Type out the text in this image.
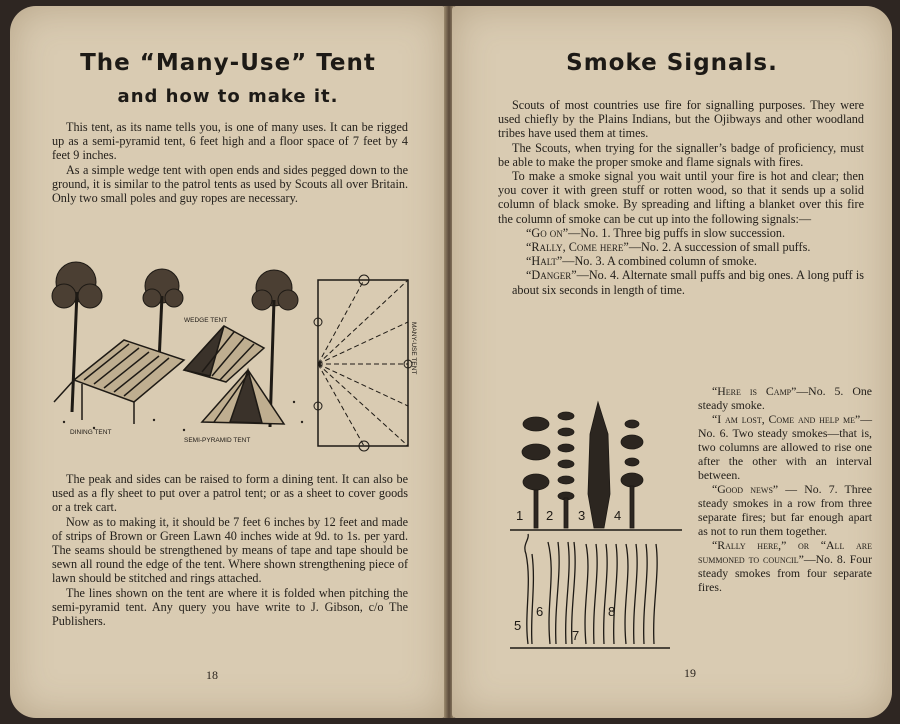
The “Many-Use” Tent
and how to make it.

This tent, as its name tells you, is one of many uses. It can be rigged up as a semi-pyramid tent, 6 feet high and a floor space of 7 feet by 4 feet 9 inches.

As a simple wedge tent with open ends and sides pegged down to the ground, it is similar to the patrol tents as used by Scouts all over Britain. Only two small poles and guy ropes are necessary.

WEDGE TENT
DINING TENT
SEMI-PYRAMID TENT
MANY-USE TENT

The peak and sides can be raised to form a dining tent. It can also be used as a fly sheet to put over a patrol tent; or as a sheet to cover goods or a trek cart.

Now as to making it, it should be 7 feet 6 inches by 12 feet and made of strips of Brown or Green Lawn 40 inches wide at 9d. to 1s. per yard. The seams should be strengthened by means of tape and tape should be sewn all round the edge of the tent. Where shown strengthening piece of lawn should be stitched and rings attached.

The lines shown on the tent are where it is folded when pitching the semi-pyramid tent. Any query you have write to J. Gibson, c/o The Publishers.

18
Smoke Signals.

Scouts of most countries use fire for signalling purposes. They were used chiefly by the Plains Indians, but the Ojibways and other woodland tribes have used them at times.

The Scouts, when trying for the signaller’s badge of proficiency, must be able to make the proper smoke and flame signals with fires.

To make a smoke signal you wait until your fire is hot and clear; then you cover it with green stuff or rotten wood, so that it sends up a solid column of black smoke. By spreading and lifting a blanket over this fire the column of smoke can be cut up into the following signals:—

“Go on”—No. 1. Three big puffs in slow succession.

“Rally, Come here”—No. 2. A succession of small puffs.

“Halt”—No. 3. A combined column of smoke.

“Danger”—No. 4. Alternate small puffs and big ones. A long puff is about six seconds in length of time.

1 2 3 4
5
6
7
8

“Here is Camp”—No. 5. One steady smoke.

“I am lost, Come and help me”—No. 6. Two steady smokes—that is, two columns are allowed to rise one after the other with an interval between.

“Good news” — No. 7. Three steady smokes in a row from three separate fires; but far enough apart as not to run them together.

“Rally here,” or “All are summoned to council”—No. 8. Four steady smokes from four separate fires.

19
